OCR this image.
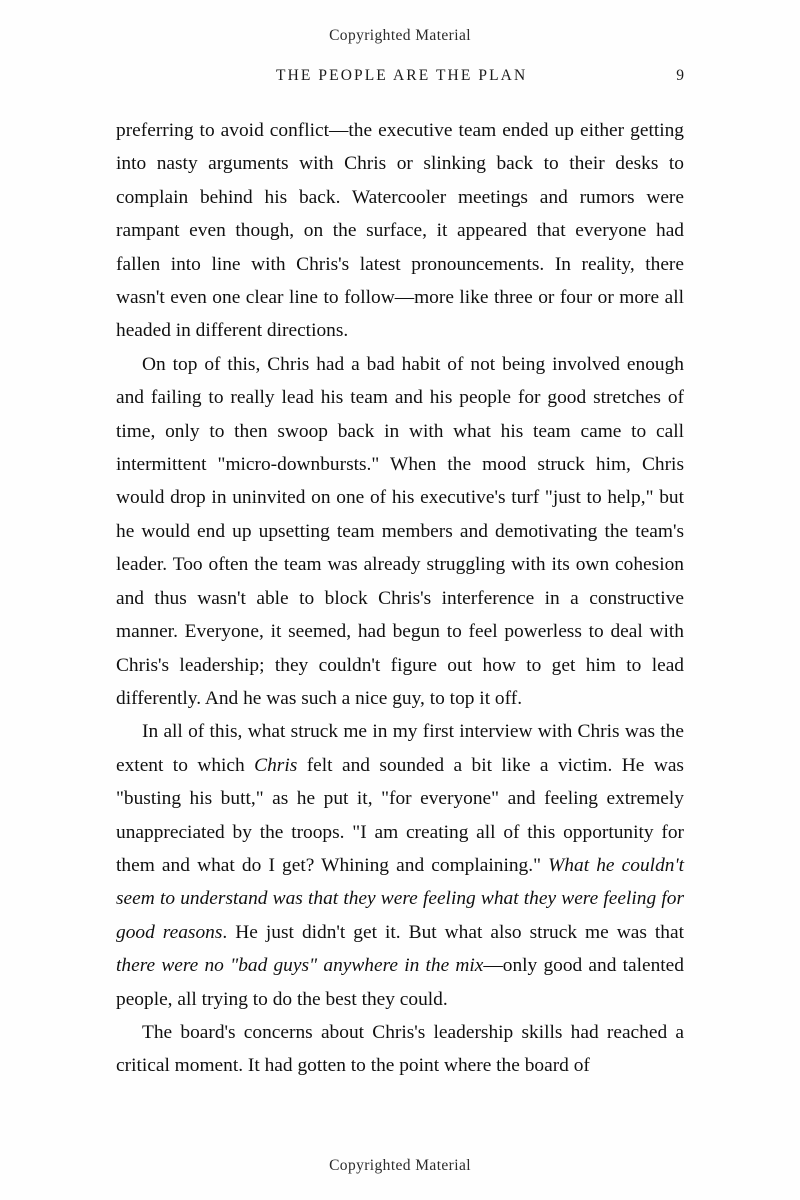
Copyrighted Material
THE PEOPLE ARE THE PLAN	9

preferring to avoid conflict—the executive team ended up either getting into nasty arguments with Chris or slinking back to their desks to complain behind his back. Watercooler meetings and rumors were rampant even though, on the surface, it appeared that everyone had fallen into line with Chris's latest pronouncements. In reality, there wasn't even one clear line to follow—more like three or four or more all headed in different directions.

On top of this, Chris had a bad habit of not being involved enough and failing to really lead his team and his people for good stretches of time, only to then swoop back in with what his team came to call intermittent "micro-downbursts." When the mood struck him, Chris would drop in uninvited on one of his executive's turf "just to help," but he would end up upsetting team members and demotivating the team's leader. Too often the team was already struggling with its own cohesion and thus wasn't able to block Chris's interference in a constructive manner. Everyone, it seemed, had begun to feel powerless to deal with Chris's leadership; they couldn't figure out how to get him to lead differently. And he was such a nice guy, to top it off.

In all of this, what struck me in my first interview with Chris was the extent to which Chris felt and sounded a bit like a victim. He was "busting his butt," as he put it, "for everyone" and feeling extremely unappreciated by the troops. "I am creating all of this opportunity for them and what do I get? Whining and complaining." What he couldn't seem to understand was that they were feeling what they were feeling for good reasons. He just didn't get it. But what also struck me was that there were no "bad guys" anywhere in the mix—only good and talented people, all trying to do the best they could.

The board's concerns about Chris's leadership skills had reached a critical moment. It had gotten to the point where the board of

Copyrighted Material
